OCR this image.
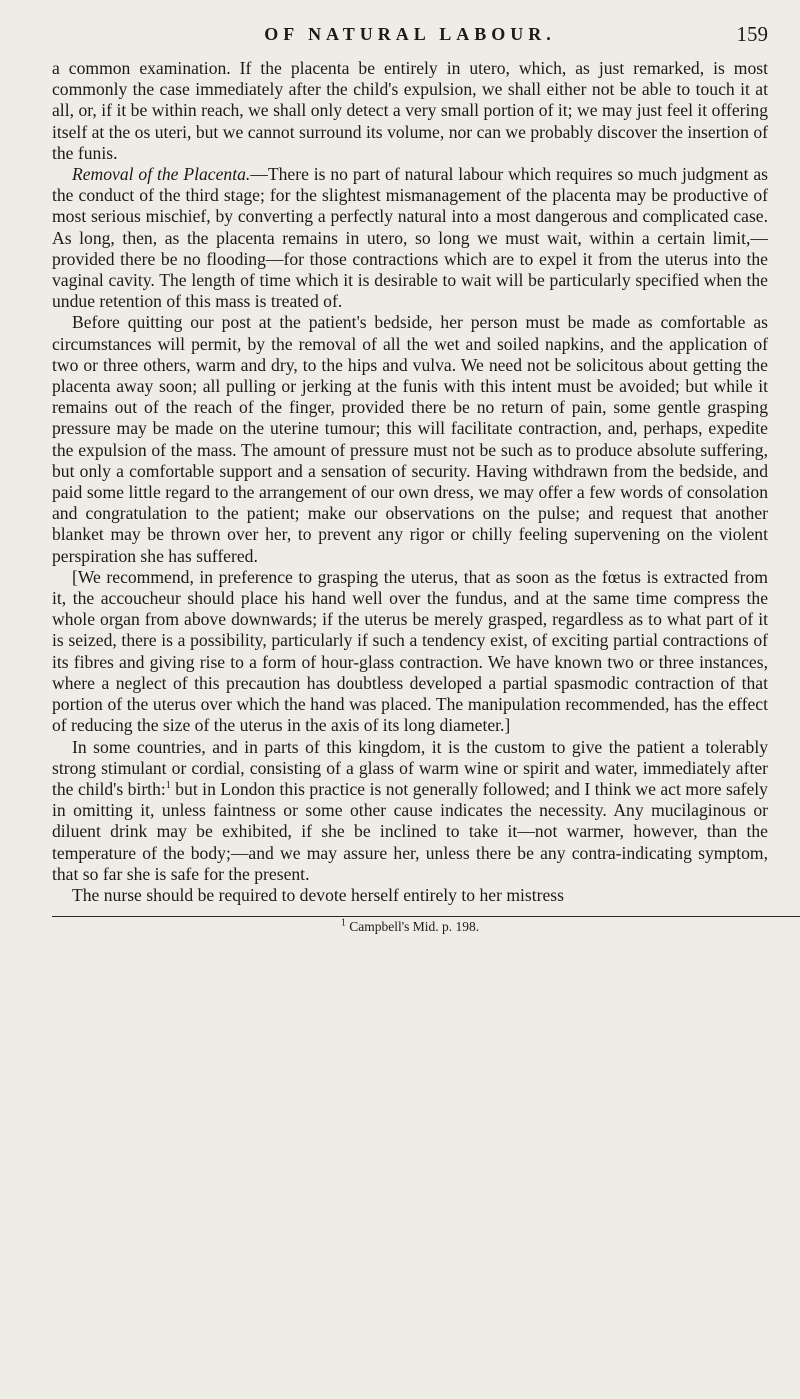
OF NATURAL LABOUR.	159

a common examination. If the placenta be entirely in utero, which, as just remarked, is most commonly the case immediately after the child's expulsion, we shall either not be able to touch it at all, or, if it be within reach, we shall only detect a very small portion of it; we may just feel it offering itself at the os uteri, but we cannot surround its volume, nor can we probably discover the insertion of the funis.

Removal of the Placenta.—There is no part of natural labour which requires so much judgment as the conduct of the third stage; for the slightest mismanagement of the placenta may be productive of most serious mischief, by converting a perfectly natural into a most dangerous and complicated case. As long, then, as the placenta remains in utero, so long we must wait, within a certain limit,—provided there be no flooding—for those contractions which are to expel it from the uterus into the vaginal cavity. The length of time which it is desirable to wait will be particularly specified when the undue retention of this mass is treated of.

Before quitting our post at the patient's bedside, her person must be made as comfortable as circumstances will permit, by the removal of all the wet and soiled napkins, and the application of two or three others, warm and dry, to the hips and vulva. We need not be solicitous about getting the placenta away soon; all pulling or jerking at the funis with this intent must be avoided; but while it remains out of the reach of the finger, provided there be no return of pain, some gentle grasping pressure may be made on the uterine tumour; this will facilitate contraction, and, perhaps, expedite the expulsion of the mass. The amount of pressure must not be such as to produce absolute suffering, but only a comfortable support and a sensation of security. Having withdrawn from the bedside, and paid some little regard to the arrangement of our own dress, we may offer a few words of consolation and congratulation to the patient; make our observations on the pulse; and request that another blanket may be thrown over her, to prevent any rigor or chilly feeling supervening on the violent perspiration she has suffered.

[We recommend, in preference to grasping the uterus, that as soon as the fœtus is extracted from it, the accoucheur should place his hand well over the fundus, and at the same time compress the whole organ from above downwards; if the uterus be merely grasped, regardless as to what part of it is seized, there is a possibility, particularly if such a tendency exist, of exciting partial contractions of its fibres and giving rise to a form of hour-glass contraction. We have known two or three instances, where a neglect of this precaution has doubtless developed a partial spasmodic contraction of that portion of the uterus over which the hand was placed. The manipulation recommended, has the effect of reducing the size of the uterus in the axis of its long diameter.]

In some countries, and in parts of this kingdom, it is the custom to give the patient a tolerably strong stimulant or cordial, consisting of a glass of warm wine or spirit and water, immediately after the child's birth:$^1$ but in London this practice is not generally followed; and I think we act more safely in omitting it, unless faintness or some other cause indicates the necessity. Any mucilaginous or diluent drink may be exhibited, if she be inclined to take it—not warmer, however, than the temperature of the body;—and we may assure her, unless there be any contra-indicating symptom, that so far she is safe for the present.

The nurse should be required to devote herself entirely to her mistress

$^1$ Campbell's Mid. p. 198.
